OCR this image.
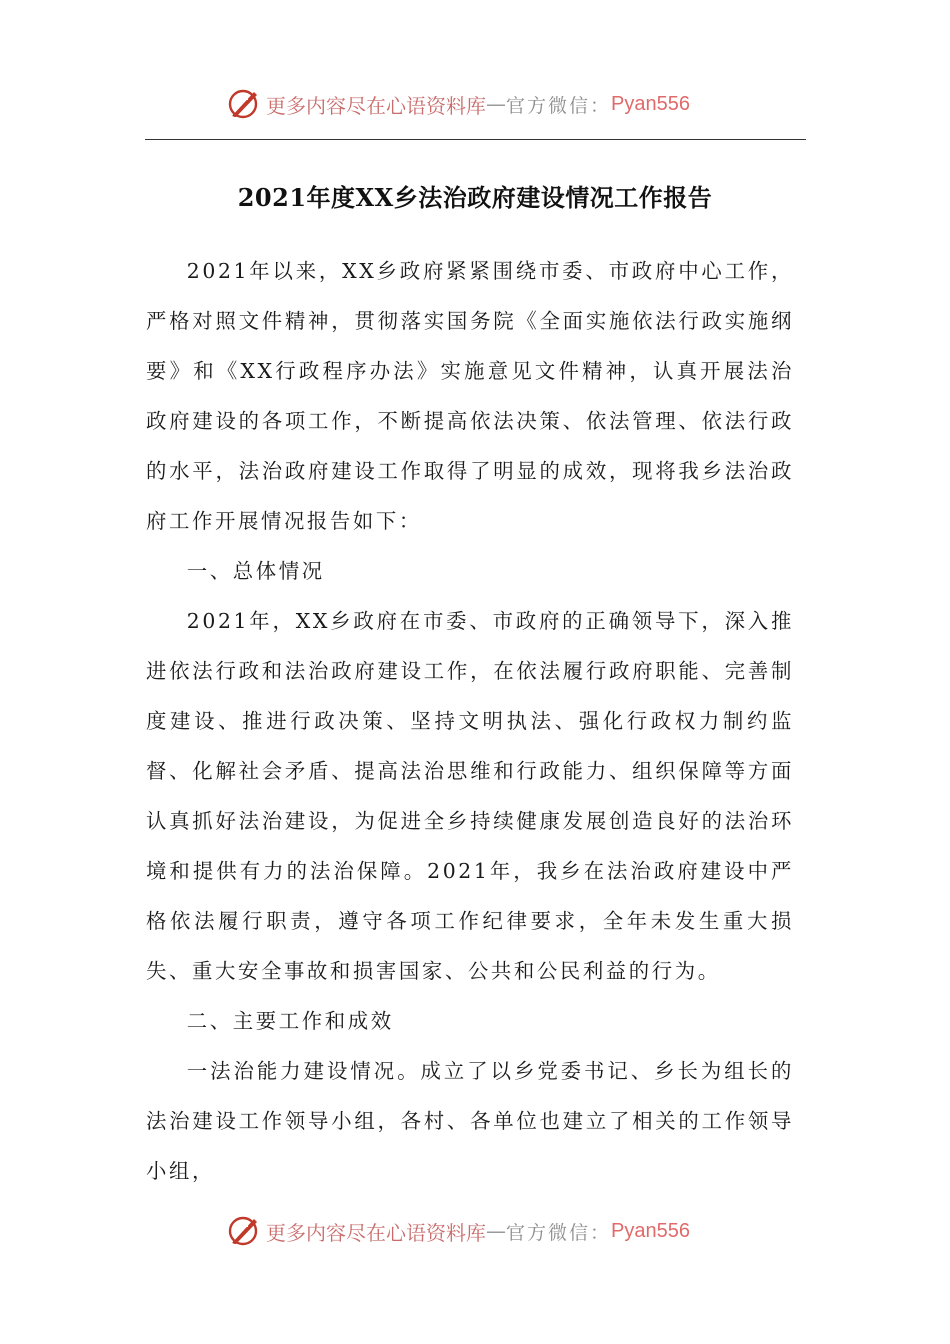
更多内容尽在心语资料库 — 官方微信： Pyan556
2021年度XX乡法治政府建设情况工作报告

2021年以来，XX乡政府紧紧围绕市委、市政府中心工作，严格对照文件精神，贯彻落实国务院《全面实施依法行政实施纲要》和《XX行政程序办法》实施意见文件精神，认真开展法治政府建设的各项工作，不断提高依法决策、依法管理、依法行政的水平，法治政府建设工作取得了明显的成效，现将我乡法治政府工作开展情况报告如下：

一、总体情况

2021年，XX乡政府在市委、市政府的正确领导下，深入推进依法行政和法治政府建设工作，在依法履行政府职能、完善制度建设、推进行政决策、坚持文明执法、强化行政权力制约监督、化解社会矛盾、提高法治思维和行政能力、组织保障等方面认真抓好法治建设，为促进全乡持续健康发展创造良好的法治环境和提供有力的法治保障。2021年，我乡在法治政府建设中严格依法履行职责，遵守各项工作纪律要求，全年未发生重大损失、重大安全事故和损害国家、公共和公民利益的行为。

二、主要工作和成效

一法治能力建设情况。成立了以乡党委书记、乡长为组长的法治建设工作领导小组，各村、各单位也建立了相关的工作领导小组，

更多内容尽在心语资料库 — 官方微信： Pyan556
